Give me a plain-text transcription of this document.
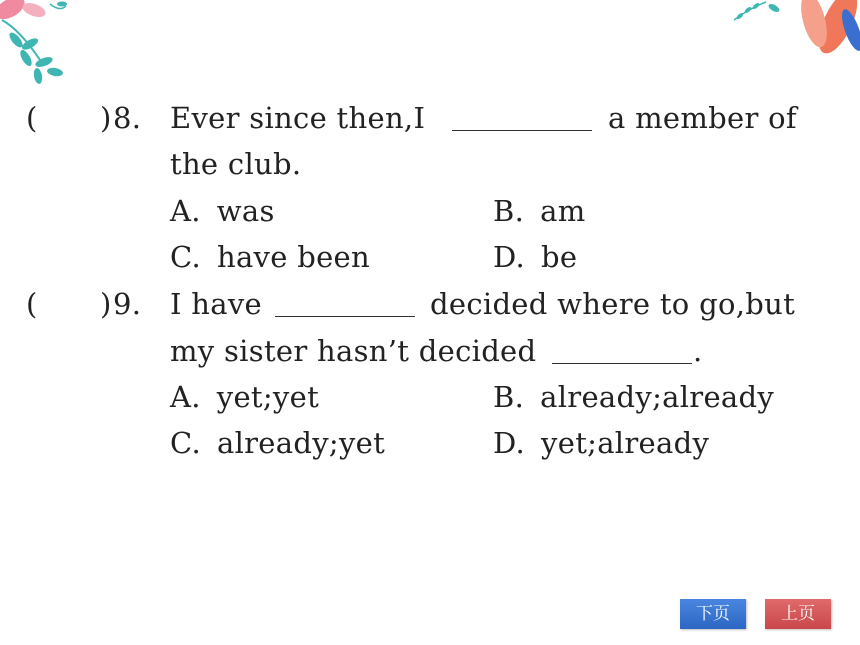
( ) 8. Ever since then,I	a member of
the club.
A. was	B. am
C. have been	D. be
( ) 9. I have	decided where to go,but
my sister hasn’t decided	.
A. yet;yet	B. already;already
C. already;yet	D. yet;already
下页	上页
